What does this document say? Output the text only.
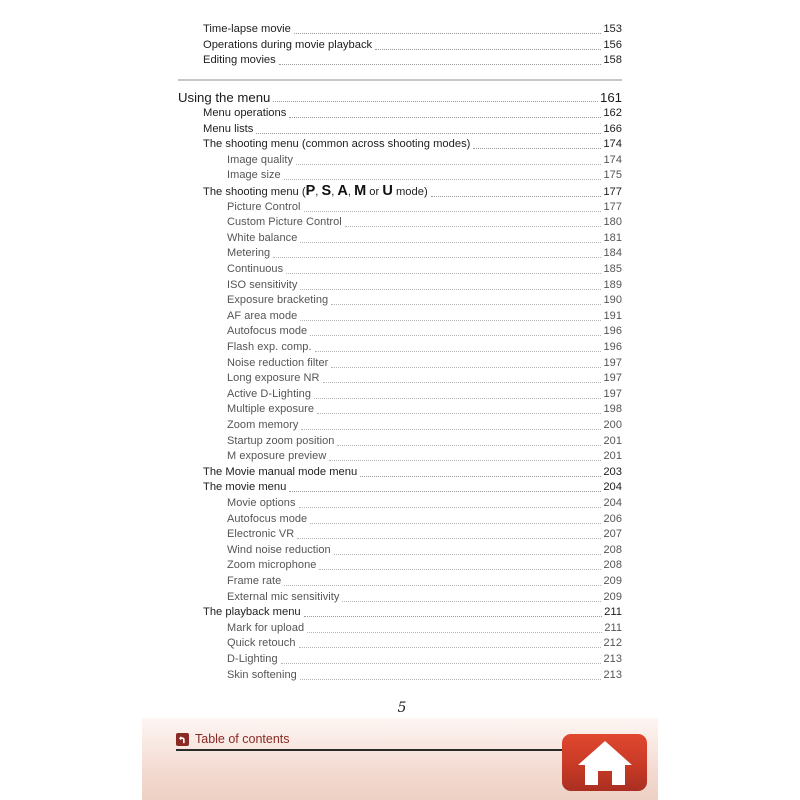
Time-lapse movie	153
Operations during movie playback	156
Editing movies	158
Using the menu	161
Menu operations	162
Menu lists	166
The shooting menu (common across shooting modes)	174
Image quality	174
Image size	175
The shooting menu (P, S, A, M or U mode)	177
Picture Control	177
Custom Picture Control	180
White balance	181
Metering	184
Continuous	185
ISO sensitivity	189
Exposure bracketing	190
AF area mode	191
Autofocus mode	196
Flash exp. comp.	196
Noise reduction filter	197
Long exposure NR	197
Active D-Lighting	197
Multiple exposure	198
Zoom memory	200
Startup zoom position	201
M exposure preview	201
The Movie manual mode menu	203
The movie menu	204
Movie options	204
Autofocus mode	206
Electronic VR	207
Wind noise reduction	208
Zoom microphone	208
Frame rate	209
External mic sensitivity	209
The playback menu	211
Mark for upload	211
Quick retouch	212
D-Lighting	213
Skin softening	213
5
Table of contents
